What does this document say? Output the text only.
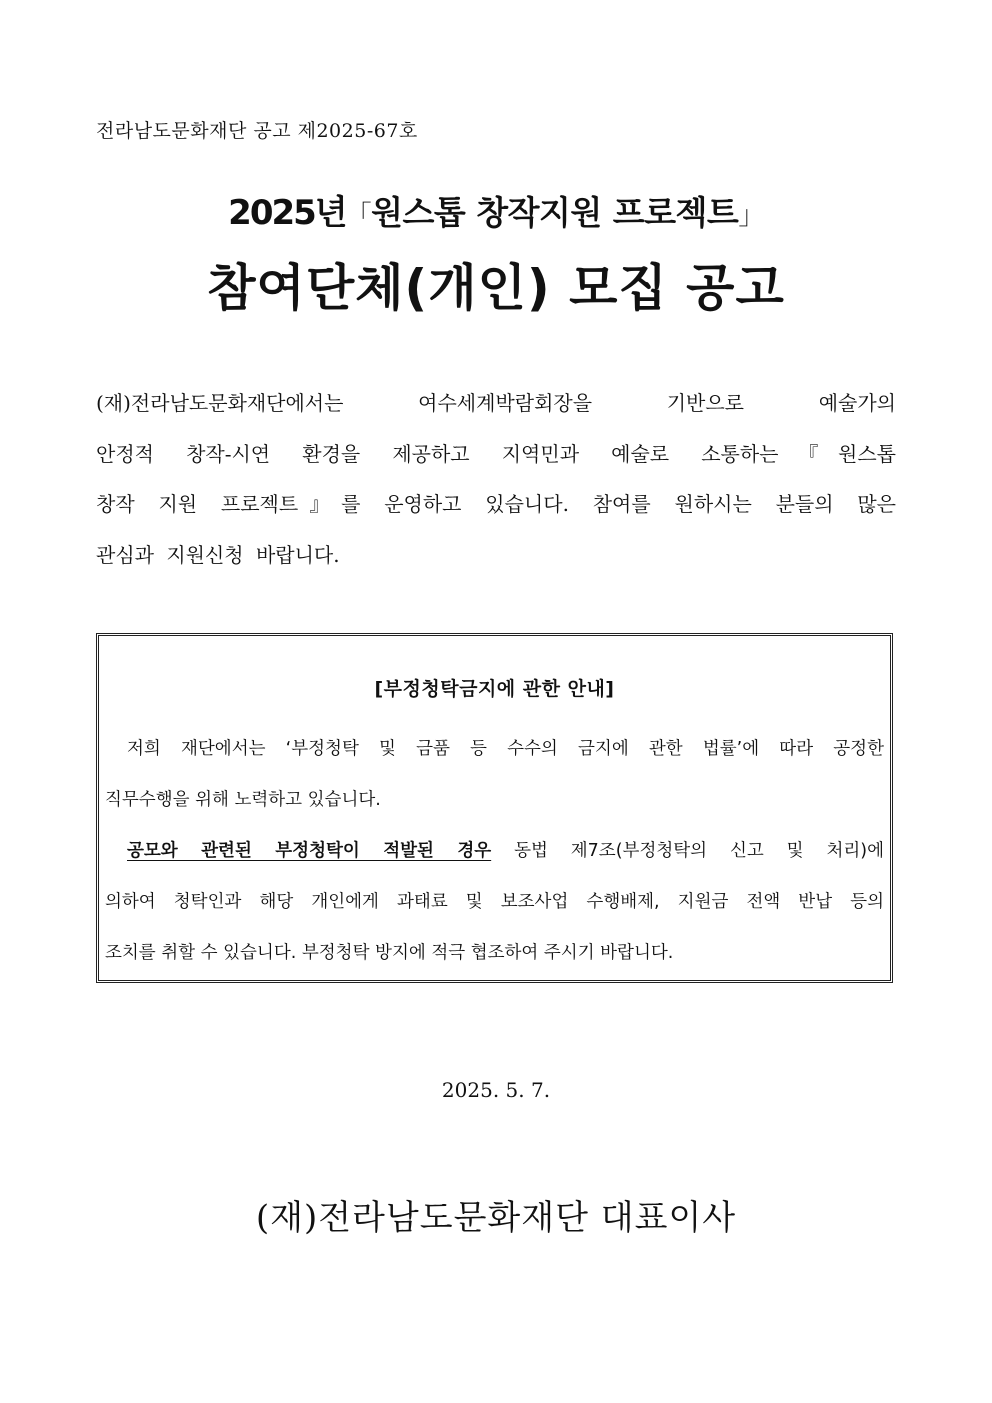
전라남도문화재단 공고 제2025-67호
2025년「원스톱 창작지원 프로젝트」
참여단체(개인) 모집 공고
(재)전라남도문화재단에서는 여수세계박람회장을 기반으로 예술가의
안정적 창작-시연 환경을 제공하고 지역민과 예술로 소통하는『원스톱
창작 지원 프로젝트』를 운영하고 있습니다. 참여를 원하시는 분들의 많은
관심과 지원신청 바랍니다.
[부정청탁금지에 관한 안내]
저희 재단에서는 ‘부정청탁 및 금품 등 수수의 금지에 관한 법률’에 따라 공정한
직무수행을 위해 노력하고 있습니다.
공모와 관련된 부정청탁이 적발된 경우 동법 제7조(부정청탁의 신고 및 처리)에
의하여 청탁인과 해당 개인에게 과태료 및 보조사업 수행배제, 지원금 전액 반납 등의
조치를 취할 수 있습니다. 부정청탁 방지에 적극 협조하여 주시기 바랍니다.
2025. 5. 7.
(재)전라남도문화재단 대표이사
